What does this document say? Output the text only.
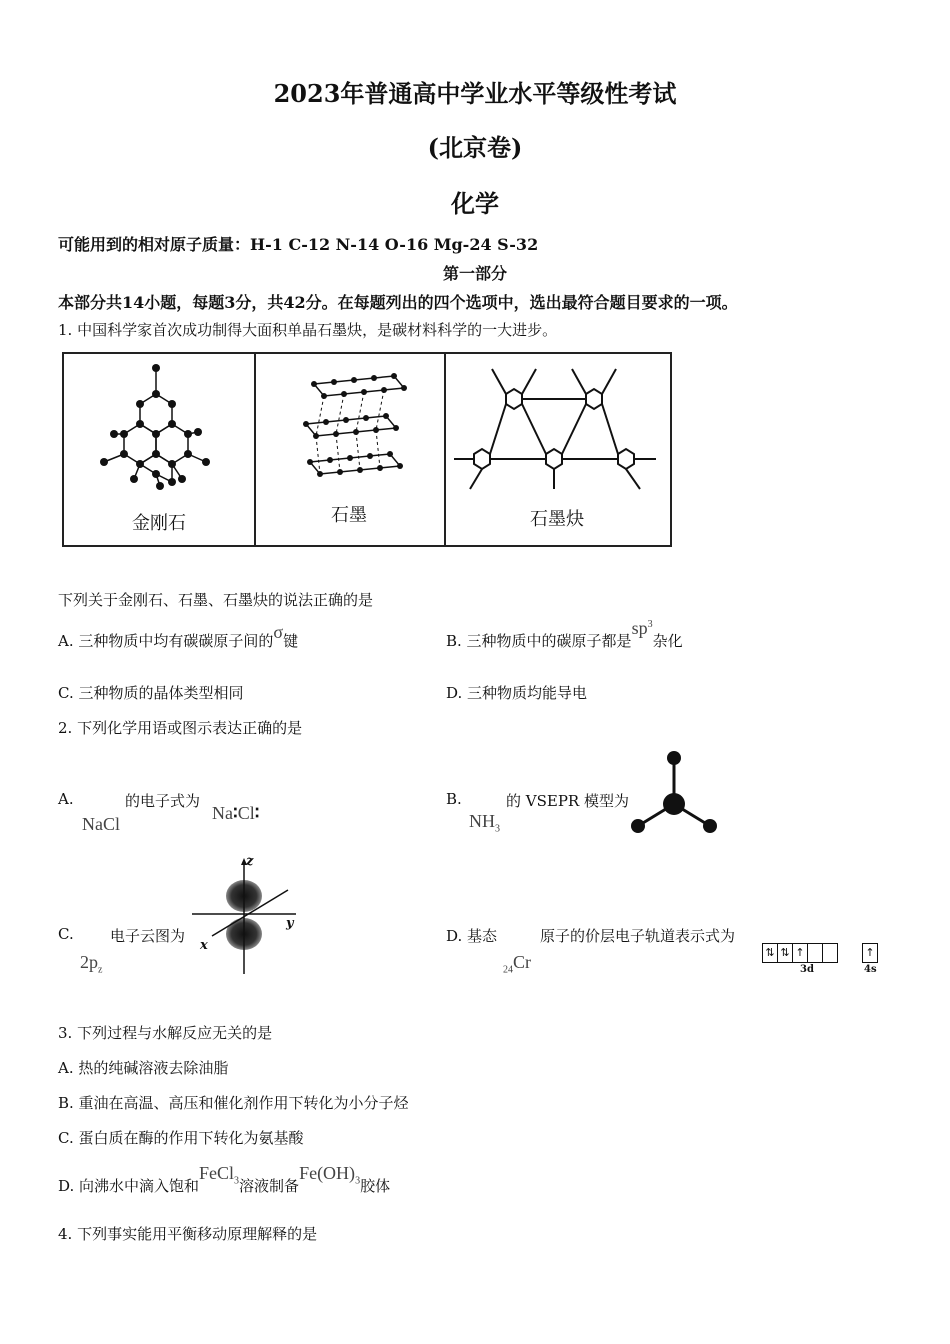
2023年普通高中学业水平等级性考试
(北京卷)
化学
可能用到的相对原子质量：H-1 C-12 N-14 O-16 Mg-24 S-32
第一部分
本部分共14小题，每题3分，共42分。在每题列出的四个选项中，选出最符合题目要求的一项。
1. 中国科学家首次成功制得大面积单晶石墨炔，是碳材料科学的一大进步。
金刚石	石墨	石墨炔
下列关于金刚石、石墨、石墨炔的说法正确的是
A. 三种物质中均有碳碳原子间的σ键	B. 三种物质中的碳原子都是$sp^3$杂化
C. 三种物质的晶体类型相同	D. 三种物质均能导电
2. 下列化学用语或图示表达正确的是
A.	的电子式为
NaCl
Na∶Cl∶
B.	的 VSEPR 模型为
$NH_3$
C. 电子云图为
$2p_z$
z
x
y
D. 基态	原子的价层电子轨道表示式为
$_{24}$Cr	⇅ ⇅ ↑	↑
3d	4s
3. 下列过程与水解反应无关的是
A. 热的纯碱溶液去除油脂
B. 重油在高温、高压和催化剂作用下转化为小分子烃
C. 蛋白质在酶的作用下转化为氨基酸
D. 向沸水中滴入饱和FeCl$_3$溶液制备$Fe(OH)_3$胶体
4. 下列事实能用平衡移动原理解释的是
